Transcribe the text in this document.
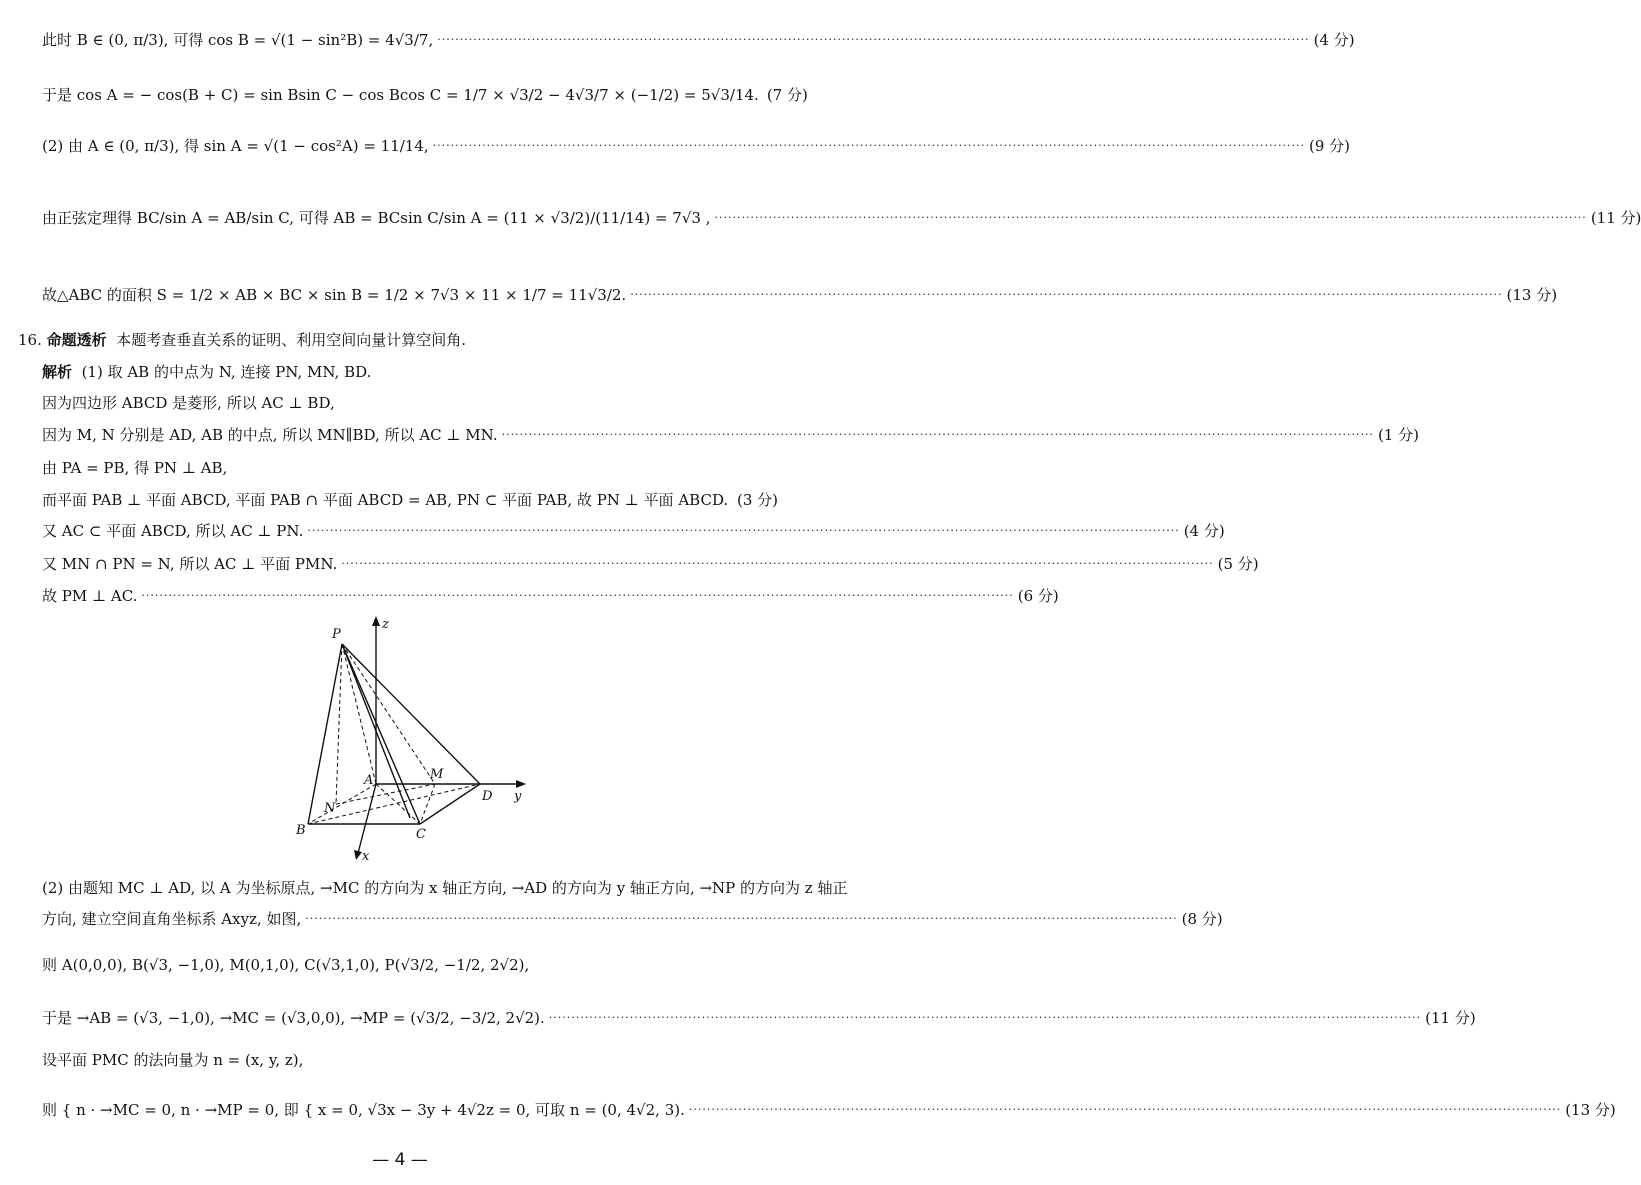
此时 B ∈ (0, π/3), 可得 cos B = √(1 − sin²B) = 4√3/7, ·····	(4 分)
于是 cos A = − cos(B + C) = sin Bsin C − cos Bcos C = 1/7 × √3/2 − 4√3/7 × (−1/2) = 5√3/14. (7 分)
(2) 由 A ∈ (0, π/3), 得 sin A = √(1 − cos²A) = 11/14, ·····	(9 分)
由正弦定理得 BC/sin A = AB/sin C, 可得 AB = BCsin C/sin A = (11 × √3/2)/(11/14) = 7√3 , ·····	(11 分)
故△ABC 的面积 S = 1/2 × AB × BC × sin B = 1/2 × 7√3 × 11 × 1/7 = 11√3/2. ·····	(13 分)
16. 命题透析 本题考查垂直关系的证明、利用空间向量计算空间角.
解析 (1) 取 AB 的中点为 N, 连接 PN, MN, BD.
因为四边形 ABCD 是菱形, 所以 AC ⊥ BD,
因为 M, N 分别是 AD, AB 的中点, 所以 MN∥BD, 所以 AC ⊥ MN. ·····	(1 分)
由 PA = PB, 得 PN ⊥ AB,
而平面 PAB ⊥ 平面 ABCD, 平面 PAB ∩ 平面 ABCD = AB, PN ⊂ 平面 PAB, 故 PN ⊥ 平面 ABCD. ····· (3 分)
又 AC ⊂ 平面 ABCD, 所以 AC ⊥ PN. ·····	(4 分)
又 MN ∩ PN = N, 所以 AC ⊥ 平面 PMN. ·····	(5 分)
故 PM ⊥ AC. ·····	(6 分)
P
z
A	M
N
D y
B	C
x
(2) 由题知 MC ⊥ AD, 以 A 为坐标原点, →MC 的方向为 x 轴正方向, →AD 的方向为 y 轴正方向, →NP 的方向为 z 轴正
方向, 建立空间直角坐标系 Axyz, 如图, ·····	(8 分)
则 A(0,0,0), B(√3, −1,0), M(0,1,0), C(√3,1,0), P(√3/2, −1/2, 2√2),
于是 →AB = (√3, −1,0), →MC = (√3,0,0), →MP = (√3/2, −3/2, 2√2). ·····	(11 分)
设平面 PMC 的法向量为 n = (x, y, z),
则 { n · →MC = 0, n · →MP = 0, 即 { x = 0, √3x − 3y + 4√2z = 0, 可取 n = (0, 4√2, 3). ·····	(13 分)
— 4 —
